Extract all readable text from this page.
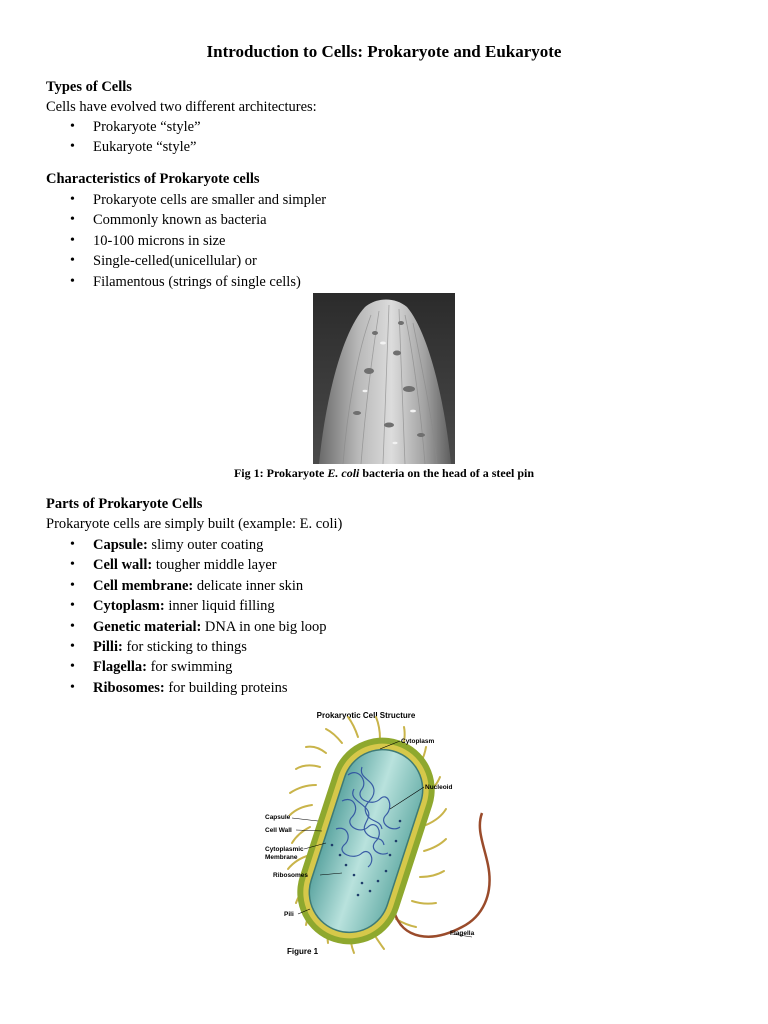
Introduction to Cells: Prokaryote and Eukaryote
Types of Cells
Cells have evolved two different architectures:
• Prokaryote “style”
• Eukaryote “style”
Characteristics of Prokaryote cells
• Prokaryote cells are smaller and simpler
• Commonly known as bacteria
• 10-100 microns in size
• Single-celled(unicellular) or
• Filamentous (strings of single cells)
Fig 1: Prokaryote E. coli bacteria on the head of a steel pin
Parts of Prokaryote Cells
Prokaryote cells are simply built (example: E. coli)
• Capsule: slimy outer coating
• Cell wall: tougher middle layer
• Cell membrane: delicate inner skin
• Cytoplasm: inner liquid filling
• Genetic material: DNA in one big loop
• Pilli: for sticking to things
• Flagella: for swimming
• Ribosomes: for building proteins
Prokaryotic Cell Structure
Cytoplasm
Nucleoid
Capsule
Cell Wall
Cytoplasmic
Membrane
Ribosomes
Pili
Flagella
Figure 1
